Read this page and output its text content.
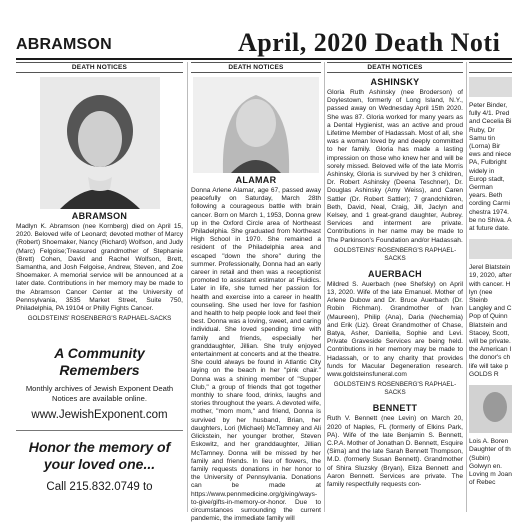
ABRAMSON	April, 2020 Death Noti
DEATH NOTICES
ABRAMSON
Madlyn K. Abramson (nee Kornberg) died on April 15, 2020. Beloved wife of Leonard; devoted mother of Marcy (Robert) Shoemaker, Nancy (Richard) Wolfson, and Judy (Marc) Felgoise;Treasured grandmother of Stephanie (Brett) Cohen, David and Rachel Wolfson, Brett, Samantha, and Josh Felgoise, Andrew, Steven, and Zoe Shoemaker. A memorial service will be announced at a later date. Contributions in her memory may be made to the Abramson Cancer Center at the University of Pennsylvania, 3535 Market Street, Suite 750, Philadelphia, PA 19104 or Philly Fights Cancer.
GOLDSTEINS' ROSENBERG'S RAPHAEL-SACKS
A Community Remembers
Monthly archives of Jewish Exponent Death Notices are available online.
www.JewishExponent.com
Honor the memory of your loved one...
Call 215.832.0749 to
DEATH NOTICES
ALAMAR
Donna Arlene Alamar, age 67, passed away peacefully on Saturday, March 28th following a courageous battle with brain cancer. Born on March 1, 1953, Donna grew up in the Oxford Circle area of Northeast Philadelphia. She graduated from Northeast High School in 1970. She remained a resident of the Philadelphia area and escaped "down the shore" during the summer. Professionally, Donna had an early career in retail and then was a receptionist promoted to assistant estimator at Fluidics. Later in life, she turned her passion for health and exercise into a career in health counseling. She used her love for fashion and health to help people look and feel their best. Donna was a loving, sweet, and caring individual. She loved spending time with family and friends, especially her granddaughter, Jillian. She truly enjoyed entertainment at concerts and at the theatre. She could always be found in Atlantic City laying on the beach in her "pink chair." Donna was a shining member of "Supper Club," a group of friends that got together monthly to share food, drinks, laughs and stories throughout the years. A devoted wife, mother, "mom mom," and friend, Donna is survived by her husband, Brian, her daughters, Lori (Michael) McTamney and Ali Glickstein, her younger brother, Steven Eskowitz, and her granddaughter, Jillian McTamney. Donna will be missed by her family and friends. In lieu of flowers, the family requests donations in her honor to the University of Pennsylvania. Donations can be made at https://www.pennmedicine.org/giving/ways-to-give/gifts-in-memory-or-honor. Due to circumstances surrounding the current pandemic, the immediate family will
DEATH NOTICES
ASHINSKY
Gloria Ruth Ashinsky (nee Broderson) of Doylestown, formerly of Long Island, N.Y., passed away on Wednesday April 15th 2020. She was 87. Gloria worked for many years as a Dental Hygienist, was an active and proud Lifetime Member of Hadassah. Most of all, she was a woman loved by and deeply committed to her family. Gloria has made a lasting impression on those who knew her and will be sorely missed. Beloved wife of the late Morris Ashinsky, Gloria is survived by her 3 children, Dr. Robert Ashinsky (Deena Teschner), Dr. Douglas Ashinsky (Amy Weiss), and Caren Sattler (Dr. Robert Sattler); 7 grandchildren, Beth, David, Neal, Craig, Jill, Jaclyn and Kelsey, and 1 great-grand daughter, Aubrey. Services and interment are private. Contributions in her name may be made to The Parkinson's Foundation and/or Hadassah.
GOLDSTEINS' ROSENBERG'S RAPHAEL-SACKS
AUERBACH
Mildred S. Auerbach (nee Shefsky) on April 13, 2020. Wife of the late Emanuel. Mother of Arlene Dubow and Dr. Bruce Auerbach (Dr. Robin Richman). Grandmother of Ivan (Maureen), Philip (Ana), Daria (Nechemia) and Erik (Liz). Great Grandmother of Chase, Batya, Asher, Daniella, Sophie and Levi. Private Graveside Services are being held. Contributions in her memory may be made to Hadassah, or to any charity that provides funds for Macular Degeneration research. www.goldsteinsfuneral.com
GOLDSTEIN'S ROSENBERG'S RAPHAEL-SACKS
BENNETT
Ruth V. Bennett (nee Levin) on March 20, 2020 of Naples, FL (formerly of Elkins Park, PA). Wife of the late Benjamin S. Bennett, C.P.A. Mother of Jonathan D. Bennett, Esquire (Sima) and the late Sarah Bennett Thompson, M.D. (formerly Susan Bennett). Grandmother of Shira Sluzsky (Bryan), Eliza Bennett and Aaron Bennett. Services are private. The family respectfully requests con-

Peter Binder, fully 4/1. Pred and Cecelia Bi Ruby, Dr Samu tin (Lorna) Bir ews and niece PA, Fulbright widely in Europ stadt, German years. Beth cording Carmi chestra 1974. be no Shiva. A at future date.
Jerel Blatstein 19, 2020, after with cancer. H lyn (nee Steinb Langley and C Pop of Quinn Blatstein and Stacey, Scott, will be private. the American I the donor's ch life will take p GOLDS R
Lois A. Boren Daughter of th (Subin) Golwyn en. Loving m Joan of Rebec
